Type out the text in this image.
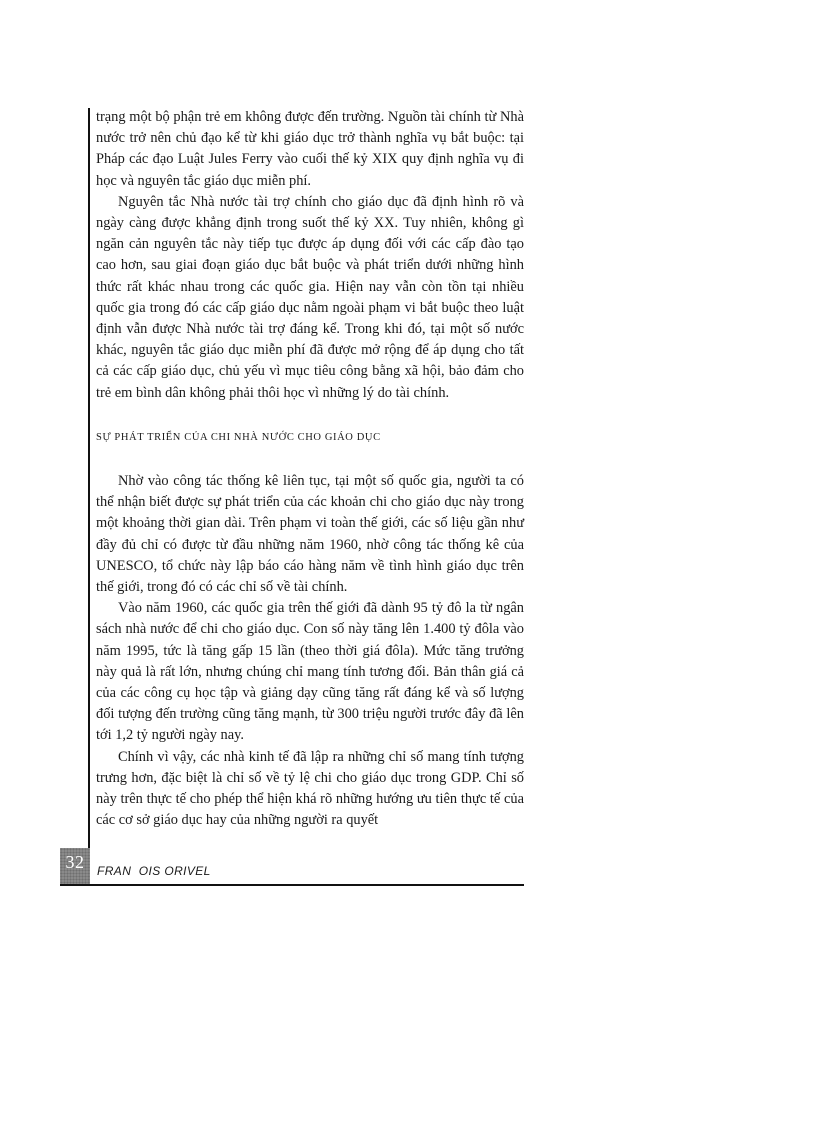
trạng một bộ phận trẻ em không được đến trường. Nguồn tài chính từ Nhà nước trở nên chủ đạo kể từ khi giáo dục trở thành nghĩa vụ bắt buộc: tại Pháp các đạo Luật Jules Ferry vào cuối thế kỷ XIX quy định nghĩa vụ đi học và nguyên tắc giáo dục miễn phí.

Nguyên tắc Nhà nước tài trợ chính cho giáo dục đã định hình rõ và ngày càng được khẳng định trong suốt thế kỷ XX. Tuy nhiên, không gì ngăn cản nguyên tắc này tiếp tục được áp dụng đối với các cấp đào tạo cao hơn, sau giai đoạn giáo dục bắt buộc và phát triển dưới những hình thức rất khác nhau trong các quốc gia. Hiện nay vẫn còn tồn tại nhiều quốc gia trong đó các cấp giáo dục nằm ngoài phạm vi bắt buộc theo luật định vẫn được Nhà nước tài trợ đáng kể. Trong khi đó, tại một số nước khác, nguyên tắc giáo dục miễn phí đã được mở rộng để áp dụng cho tất cả các cấp giáo dục, chủ yếu vì mục tiêu công bằng xã hội, bảo đảm cho trẻ em bình dân không phải thôi học vì những lý do tài chính.

SỰ PHÁT TRIỂN CỦA CHI NHÀ NƯỚC CHO GIÁO DỤC

Nhờ vào công tác thống kê liên tục, tại một số quốc gia, người ta có thể nhận biết được sự phát triển của các khoản chi cho giáo dục này trong một khoảng thời gian dài. Trên phạm vi toàn thế giới, các số liệu gần như đầy đủ chỉ có được từ đầu những năm 1960, nhờ công tác thống kê của UNESCO, tổ chức này lập báo cáo hàng năm về tình hình giáo dục trên thế giới, trong đó có các chỉ số về tài chính.

Vào năm 1960, các quốc gia trên thế giới đã dành 95 tỷ đô la từ ngân sách nhà nước để chi cho giáo dục. Con số này tăng lên 1.400 tỷ đôla vào năm 1995, tức là tăng gấp 15 lần (theo thời giá đôla). Mức tăng trưởng này quả là rất lớn, nhưng chúng chỉ mang tính tương đối. Bản thân giá cả của các công cụ học tập và giảng dạy cũng tăng rất đáng kể và số lượng đối tượng đến trường cũng tăng mạnh, từ 300 triệu người trước đây đã lên tới 1,2 tỷ người ngày nay.

Chính vì vậy, các nhà kinh tế đã lập ra những chỉ số mang tính tượng trưng hơn, đặc biệt là chỉ số về tỷ lệ chi cho giáo dục trong GDP. Chỉ số này trên thực tế cho phép thể hiện khá rõ những hướng ưu tiên thực tế của các cơ sở giáo dục hay của những người ra quyết

32 FRAN  OIS ORIVEL
